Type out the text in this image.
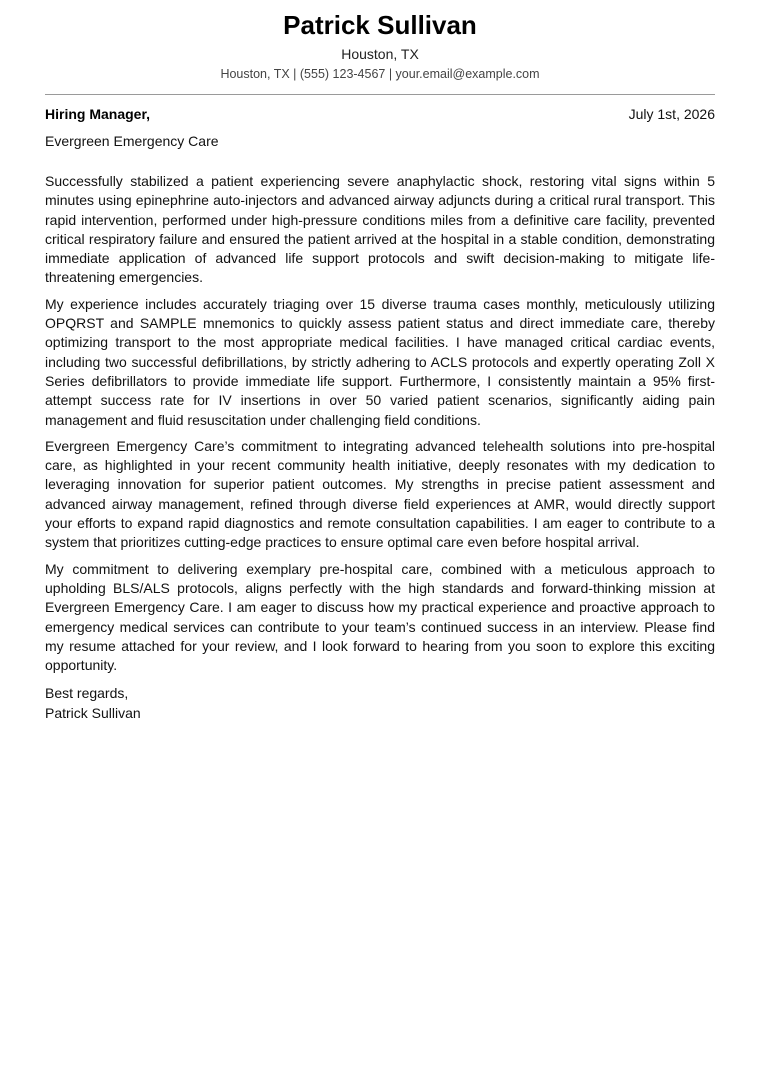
Patrick Sullivan
Houston, TX
Houston, TX | (555) 123-4567 | your.email@example.com
Hiring Manager,	July 1st, 2026
Evergreen Emergency Care

Successfully stabilized a patient experiencing severe anaphylactic shock, restoring vital signs within 5 minutes using epinephrine auto-injectors and advanced airway adjuncts during a critical rural transport. This rapid intervention, performed under high-pressure conditions miles from a definitive care facility, prevented critical respiratory failure and ensured the patient arrived at the hospital in a stable condition, demonstrating immediate application of advanced life support protocols and swift decision-making to mitigate life-threatening emergencies.

My experience includes accurately triaging over 15 diverse trauma cases monthly, meticulously utilizing OPQRST and SAMPLE mnemonics to quickly assess patient status and direct immediate care, thereby optimizing transport to the most appropriate medical facilities. I have managed critical cardiac events, including two successful defibrillations, by strictly adhering to ACLS protocols and expertly operating Zoll X Series defibrillators to provide immediate life support. Furthermore, I consistently maintain a 95% first-attempt success rate for IV insertions in over 50 varied patient scenarios, significantly aiding pain management and fluid resuscitation under challenging field conditions.

Evergreen Emergency Care’s commitment to integrating advanced telehealth solutions into pre-hospital care, as highlighted in your recent community health initiative, deeply resonates with my dedication to leveraging innovation for superior patient outcomes. My strengths in precise patient assessment and advanced airway management, refined through diverse field experiences at AMR, would directly support your efforts to expand rapid diagnostics and remote consultation capabilities. I am eager to contribute to a system that prioritizes cutting-edge practices to ensure optimal care even before hospital arrival.

My commitment to delivering exemplary pre-hospital care, combined with a meticulous approach to upholding BLS/ALS protocols, aligns perfectly with the high standards and forward-thinking mission at Evergreen Emergency Care. I am eager to discuss how my practical experience and proactive approach to emergency medical services can contribute to your team’s continued success in an interview. Please find my resume attached for your review, and I look forward to hearing from you soon to explore this exciting opportunity.

Best regards,
Patrick Sullivan
